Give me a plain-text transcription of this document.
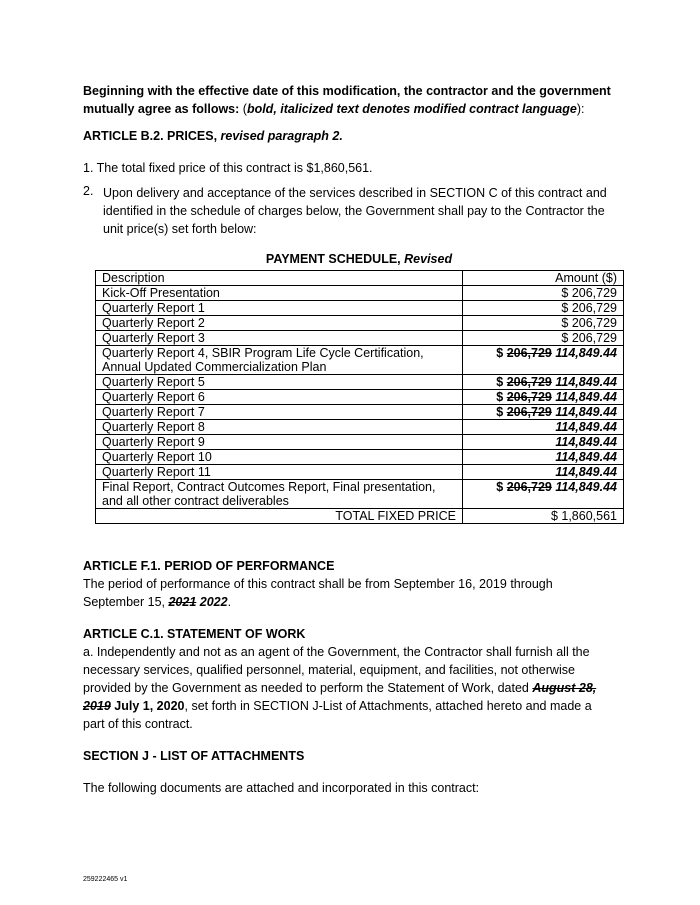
Beginning with the effective date of this modification, the contractor and the government mutually agree as follows: (bold, italicized text denotes modified contract language):
ARTICLE B.2. PRICES, revised paragraph 2.
1. The total fixed price of this contract is $1,860,561.
2. Upon delivery and acceptance of the services described in SECTION C of this contract and identified in the schedule of charges below, the Government shall pay to the Contractor the unit price(s) set forth below:
PAYMENT SCHEDULE, Revised
Description	Amount ($)
Kick-Off Presentation	$ 206,729
Quarterly Report 1	$ 206,729
Quarterly Report 2	$ 206,729
Quarterly Report 3	$ 206,729
Quarterly Report 4, SBIR Program Life Cycle Certification, Annual Updated Commercialization Plan	$ 206,729 114,849.44
Quarterly Report 5	$ 206,729 114,849.44
Quarterly Report 6	$ 206,729 114,849.44
Quarterly Report 7	$ 206,729 114,849.44
Quarterly Report 8	114,849.44
Quarterly Report 9	114,849.44
Quarterly Report 10	114,849.44
Quarterly Report 11	114,849.44
Final Report, Contract Outcomes Report, Final presentation, and all other contract deliverables	$ 206,729 114,849.44
TOTAL FIXED PRICE	$ 1,860,561
ARTICLE F.1. PERIOD OF PERFORMANCE
The period of performance of this contract shall be from September 16, 2019 through September 15, 2021 2022.
ARTICLE C.1. STATEMENT OF WORK
a. Independently and not as an agent of the Government, the Contractor shall furnish all the necessary services, qualified personnel, material, equipment, and facilities, not otherwise provided by the Government as needed to perform the Statement of Work, dated August 28, 2019 July 1, 2020, set forth in SECTION J-List of Attachments, attached hereto and made a part of this contract.
SECTION J - LIST OF ATTACHMENTS
The following documents are attached and incorporated in this contract:
259222465 v1
